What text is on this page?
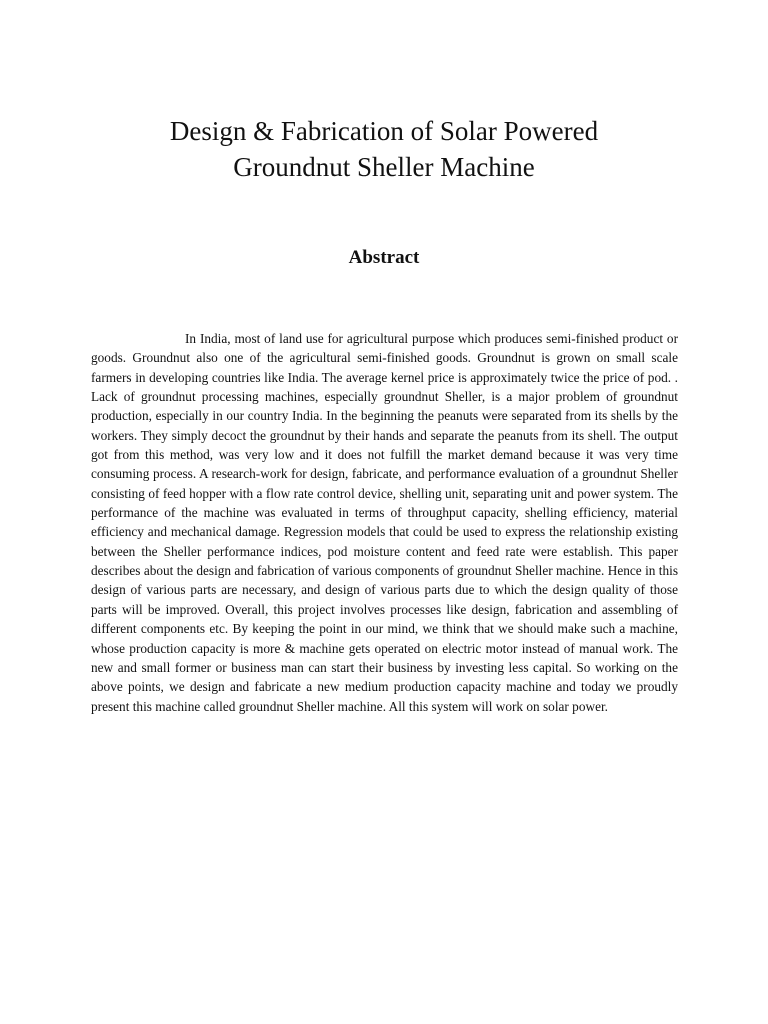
Design & Fabrication of Solar Powered
Groundnut Sheller Machine
Abstract

In India, most of land use for agricultural purpose which produces semi-finished product or goods. Groundnut also one of the agricultural semi-finished goods. Groundnut is grown on small scale farmers in developing countries like India. The average kernel price is approximately twice the price of pod. . Lack of groundnut processing machines, especially groundnut Sheller, is a major problem of groundnut production, especially in our country India. In the beginning the peanuts were separated from its shells by the workers. They simply decoct the groundnut by their hands and separate the peanuts from its shell. The output got from this method, was very low and it does not fulfill the market demand because it was very time consuming process. A research-work for design, fabricate, and performance evaluation of a groundnut Sheller consisting of feed hopper with a flow rate control device, shelling unit, separating unit and power system. The performance of the machine was evaluated in terms of throughput capacity, shelling efficiency, material efficiency and mechanical damage. Regression models that could be used to express the relationship existing between the Sheller performance indices, pod moisture content and feed rate were establish. This paper describes about the design and fabrication of various components of groundnut Sheller machine. Hence in this design of various parts are necessary, and design of various parts due to which the design quality of those parts will be improved. Overall, this project involves processes like design, fabrication and assembling of different components etc. By keeping the point in our mind, we think that we should make such a machine, whose production capacity is more & machine gets operated on electric motor instead of manual work. The new and small former or business man can start their business by investing less capital. So working on the above points, we design and fabricate a new medium production capacity machine and today we proudly present this machine called groundnut Sheller machine. All this system will work on solar power.
